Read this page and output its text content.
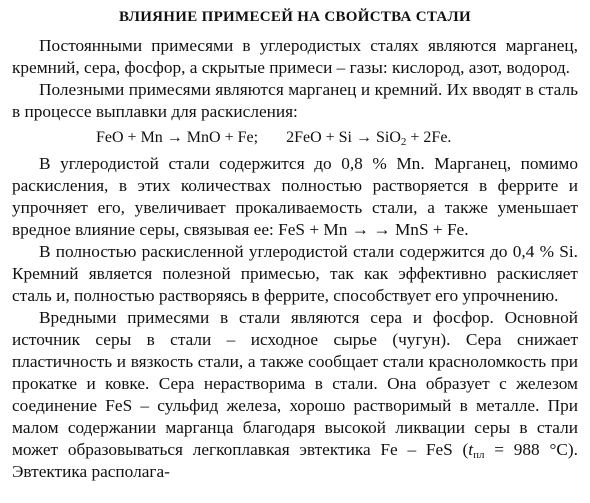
ВЛИЯНИЕ ПРИМЕСЕЙ НА СВОЙСТВА СТАЛИ

Постоянными примесями в углеродистых сталях являются марганец, кремний, сера, фосфор, а скрытые примеси – газы: кислород, азот, водород.

Полезными примесями являются марганец и кремний. Их вводят в сталь в процессе выплавки для раскисления:

FeO + Mn → MnO + Fe; 2FeO + Si → SiO$_2$ + 2Fe.

В углеродистой стали содержится до 0,8 % Mn. Марганец, помимо раскисления, в этих количествах полностью растворяется в феррите и упрочняет его, увеличивает прокаливаемость стали, а также уменьшает вредное влияние серы, связывая ее: FeS + Mn → → MnS + Fe.

В полностью раскисленной углеродистой стали содержится до 0,4 % Si. Кремний является полезной примесью, так как эффективно раскисляет сталь и, полностью растворяясь в феррите, способствует его упрочнению.

Вредными примесями в стали являются сера и фосфор. Основной источник серы в стали – исходное сырье (чугун). Сера снижает пластичность и вязкость стали, а также сообщает стали красноломкость при прокатке и ковке. Сера нерастворима в стали. Она образует с железом соединение FeS – сульфид железа, хорошо растворимый в металле. При малом содержании марганца благодаря высокой ликвации серы в стали может образовываться легкоплавкая эвтектика Fe – FeS ($t_{пл} = 988$ °C). Эвтектика располага-
